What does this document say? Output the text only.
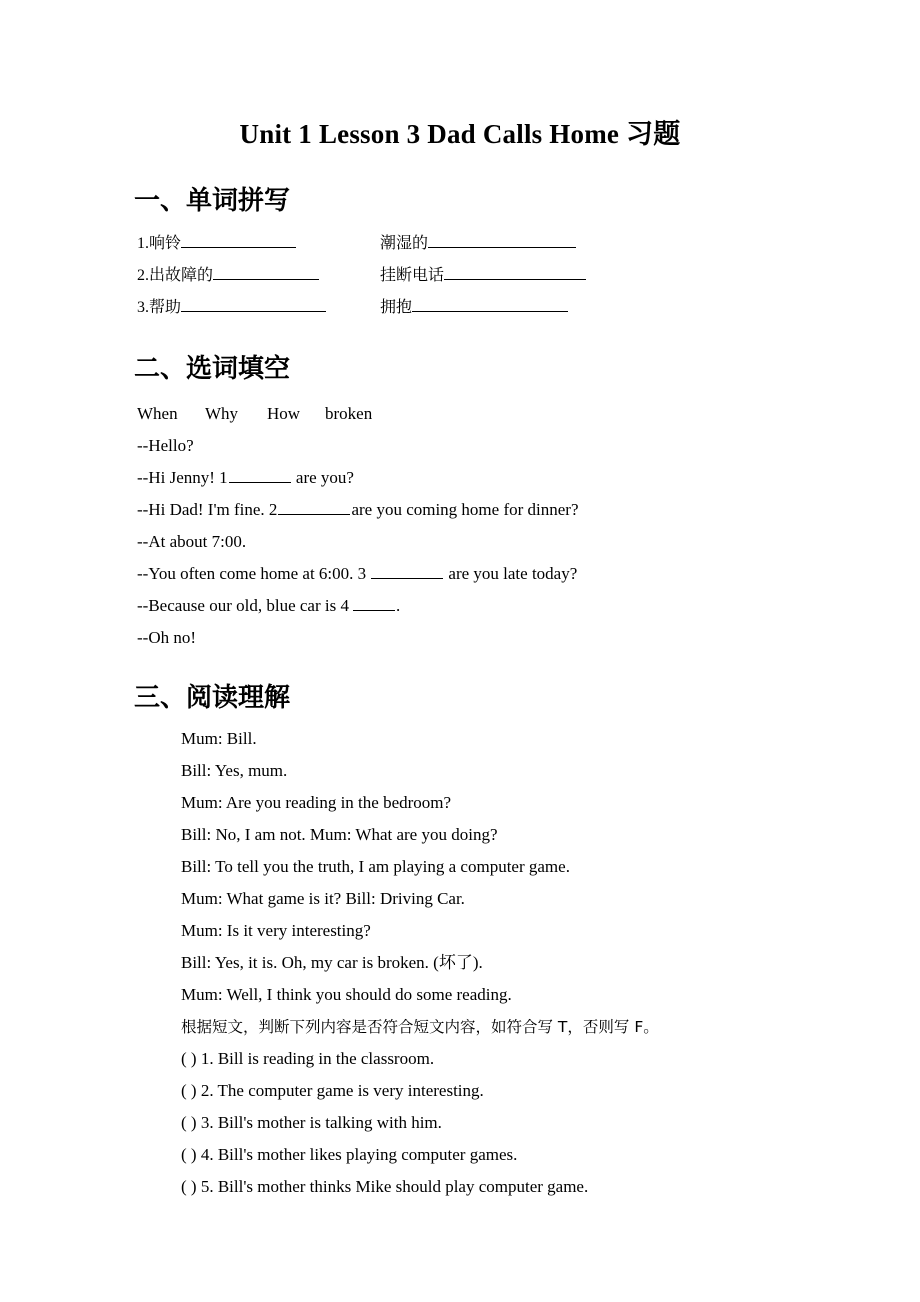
Unit 1 Lesson 3 Dad Calls Home 习题
一、单词拼写
1.响铃	潮湿的
2.出故障的	挂断电话
3.帮助	拥抱
二、选词填空
When Why How broken
--Hello?
--Hi Jenny! 1	are you?
--Hi Dad! I'm fine. 2	are you coming home for dinner?
--At about 7:00.
--You often come home at 6:00. 3	are you late today?
--Because our old, blue car is 4	.
--Oh no!
三、阅读理解
Mum: Bill.
Bill: Yes, mum.
Mum: Are you reading in the bedroom?
Bill: No, I am not. Mum: What are you doing?
Bill: To tell you the truth, I am playing a computer game.
Mum: What game is it? Bill: Driving Car.
Mum: Is it very interesting?
Bill: Yes, it is. Oh, my car is broken. (坏了).
Mum: Well, I think you should do some reading.
根据短文，判断下列内容是否符合短文内容，如符合写 T，否则写 F。
( ) 1. Bill is reading in the classroom.
( ) 2. The computer game is very interesting.
( ) 3. Bill's mother is talking with him.
( ) 4. Bill's mother likes playing computer games.
( ) 5. Bill's mother thinks Mike should play computer game.
